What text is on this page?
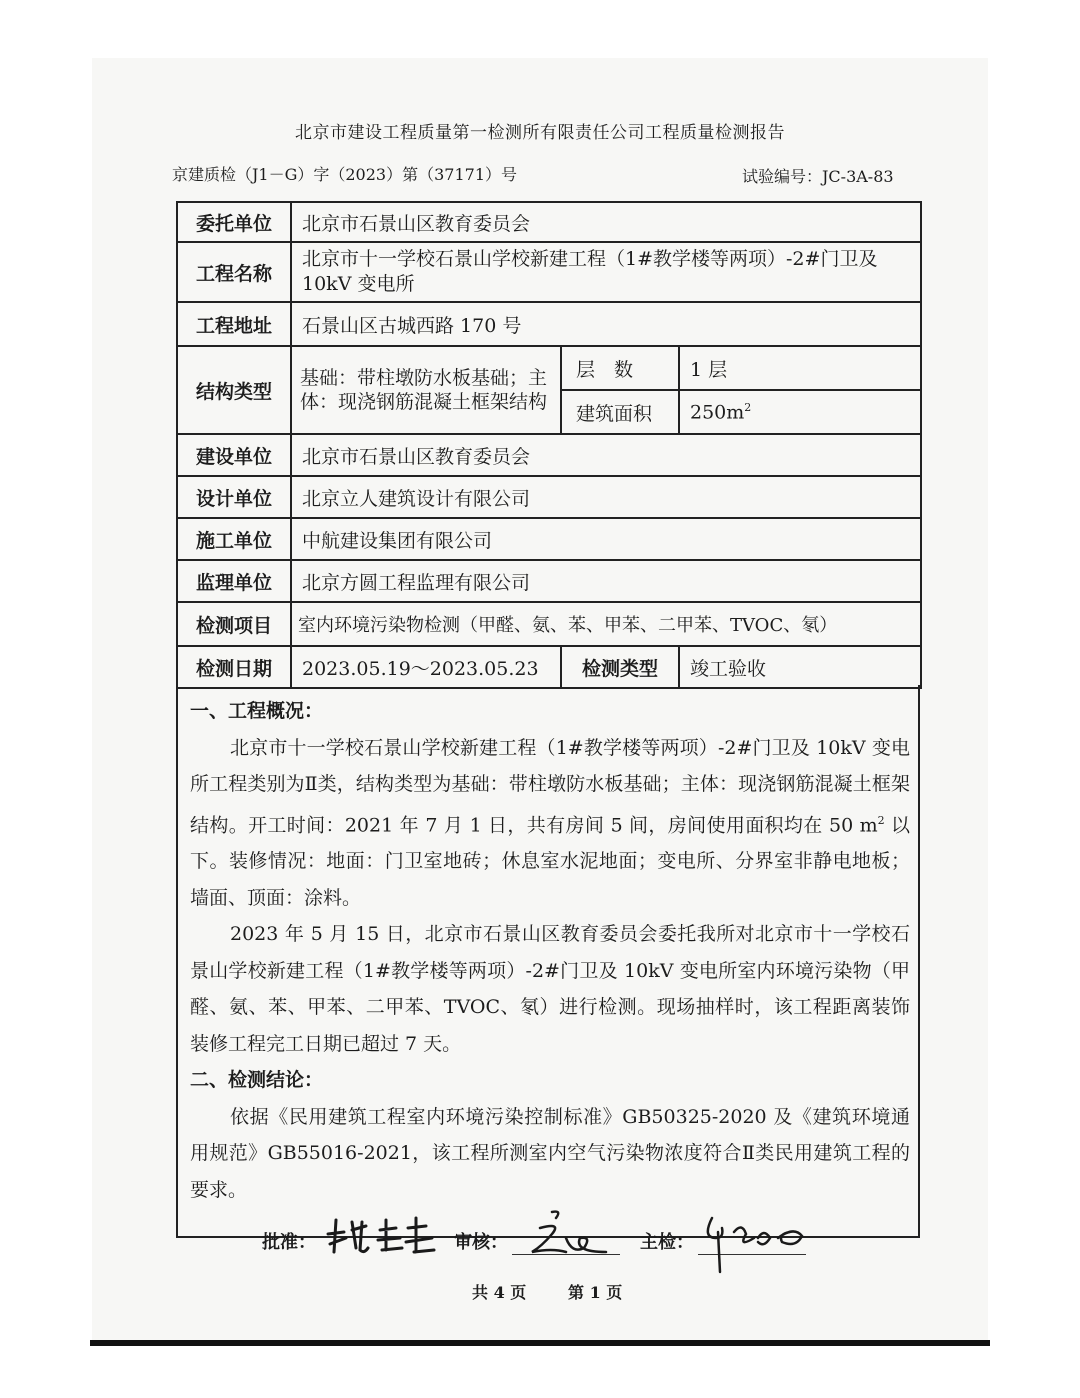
北京市建设工程质量第一检测所有限责任公司工程质量检测报告
京建质检（J1－G）字（2023）第（37171）号	试验编号：JC-3A-83
委托单位	北京市石景山区教育委员会		
工程名称	北京市十一学校石景山学校新建工程（1#教学楼等两项）-2#门卫及10kV 变电所		
工程地址	石景山区古城西路 170 号		
结构类型	基础：带柱墩防水板基础；主体：现浇钢筋混凝土框架结构	层　数	1 层
		建筑面积	$250m^2$
建设单位	北京市石景山区教育委员会		
设计单位	北京立人建筑设计有限公司		
施工单位	中航建设集团有限公司		
监理单位	北京方圆工程监理有限公司		
检测项目	室内环境污染物检测（甲醛、氨、苯、甲苯、二甲苯、TVOC、氡）		
检测日期	2023.05.19～2023.05.23	检测类型	竣工验收
一、工程概况：
北京市十一学校石景山学校新建工程（1#教学楼等两项）-2#门卫及 10kV 变电所工程类别为Ⅱ类，结构类型为基础：带柱墩防水板基础；主体：现浇钢筋混凝土框架结构。开工时间：2021 年 7 月 1 日，共有房间 5 间，房间使用面积均在 50 $m^2$ 以下。装修情况：地面：门卫室地砖；休息室水泥地面；变电所、分界室非静电地板；墙面、顶面：涂料。
2023 年 5 月 15 日，北京市石景山区教育委员会委托我所对北京市十一学校石景山学校新建工程（1#教学楼等两项）-2#门卫及 10kV 变电所室内环境污染物（甲醛、氨、苯、甲苯、二甲苯、TVOC、氡）进行检测。现场抽样时，该工程距离装饰装修工程完工日期已超过 7 天。
二、检测结论：
依据《民用建筑工程室内环境污染控制标准》GB50325-2020 及《建筑环境通用规范》GB55016-2021，该工程所测室内空气污染物浓度符合Ⅱ类民用建筑工程的要求。
批准：	审核：	主检：
共 4 页	第 1 页
